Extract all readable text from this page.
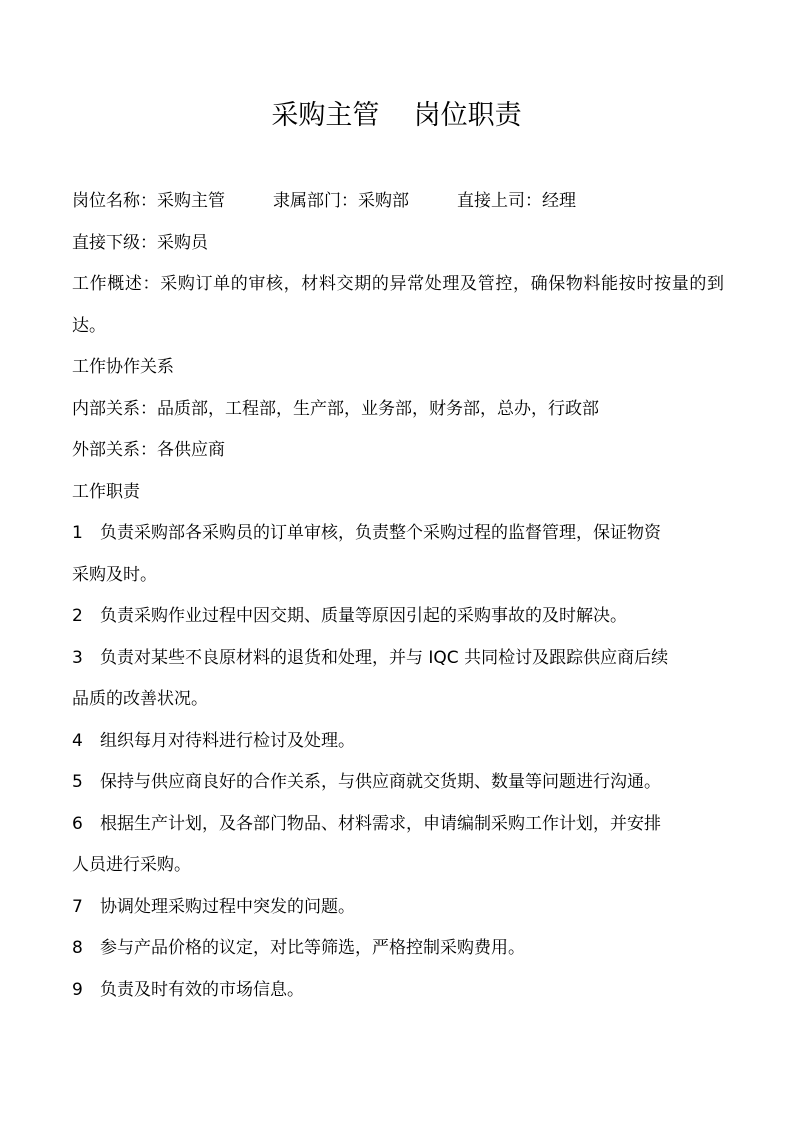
采购主管    岗位职责
岗位名称：采购主管	隶属部门：采购部	直接上司：经理
直接下级：采购员
工作概述：采购订单的审核，材料交期的异常处理及管控，确保物料能按时按量的到达。
工作协作关系
内部关系：品质部，工程部，生产部，业务部，财务部，总办，行政部
外部关系：各供应商
工作职责
1 负责采购部各采购员的订单审核，负责整个采购过程的监督管理，保证物资
采购及时。
2 负责采购作业过程中因交期、质量等原因引起的采购事故的及时解决。
3 负责对某些不良原材料的退货和处理，并与 IQC 共同检讨及跟踪供应商后续
品质的改善状况。
4 组织每月对待料进行检讨及处理。
5 保持与供应商良好的合作关系，与供应商就交货期、数量等问题进行沟通。
6 根据生产计划，及各部门物品、材料需求，申请编制采购工作计划，并安排
人员进行采购。
7 协调处理采购过程中突发的问题。
8 参与产品价格的议定，对比等筛选，严格控制采购费用。
9 负责及时有效的市场信息。
